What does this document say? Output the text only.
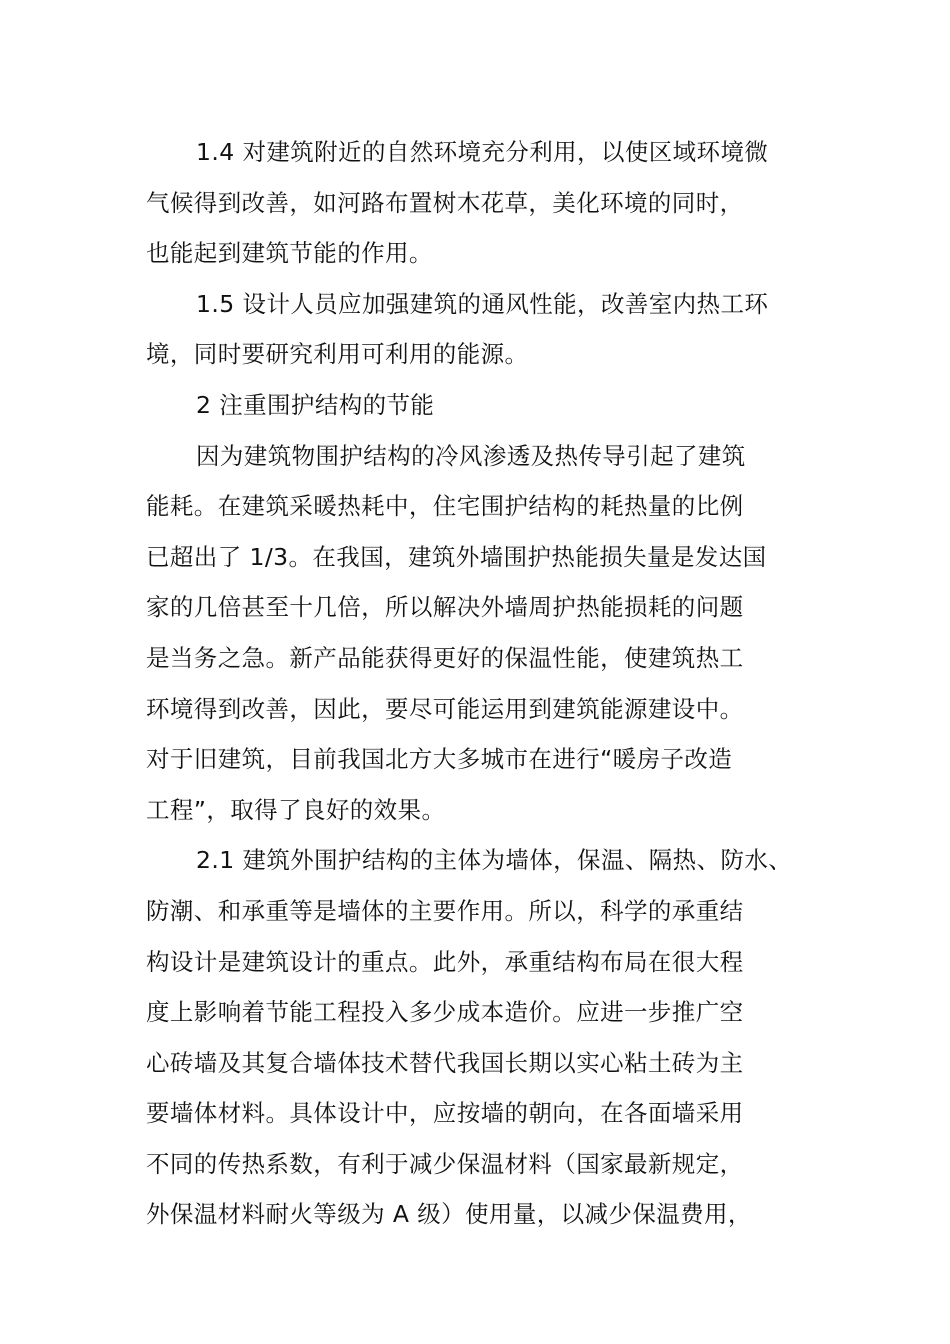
1.4 对建筑附近的自然环境充分利用，以使区域环境微
气候得到改善，如河路布置树木花草，美化环境的同时，
也能起到建筑节能的作用。
1.5 设计人员应加强建筑的通风性能，改善室内热工环
境，同时要研究利用可利用的能源。
2 注重围护结构的节能
因为建筑物围护结构的冷风渗透及热传导引起了建筑
能耗。在建筑采暖热耗中，住宅围护结构的耗热量的比例
已超出了 1/3。在我国，建筑外墙围护热能损失量是发达国
家的几倍甚至十几倍，所以解决外墙周护热能损耗的问题
是当务之急。新产品能获得更好的保温性能，使建筑热工
环境得到改善，因此，要尽可能运用到建筑能源建设中。
对于旧建筑，目前我国北方大多城市在进行“暖房子改造
工程”，取得了良好的效果。
2.1 建筑外围护结构的主体为墙体，保温、隔热、防水、
防潮、和承重等是墙体的主要作用。所以，科学的承重结
构设计是建筑设计的重点。此外，承重结构布局在很大程
度上影响着节能工程投入多少成本造价。应进一步推广空
心砖墙及其复合墙体技术替代我国长期以实心粘土砖为主
要墙体材料。具体设计中，应按墙的朝向，在各面墙采用
不同的传热系数，有利于减少保温材料（国家最新规定，
外保温材料耐火等级为 A 级）使用量，以减少保温费用，
